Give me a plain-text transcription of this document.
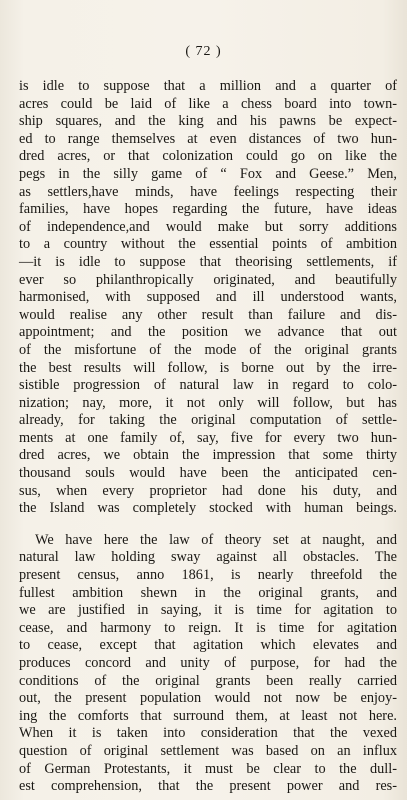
( 72 )
is idle to suppose that a million and a quarter of
acres could be laid of like a chess board into town-
ship squares, and the king and his pawns be expect-
ed to range themselves at even distances of two hun-
dred acres, or that colonization could go on like the
pegs in the silly game of “ Fox and Geese.” Men,
as settlers,have minds, have feelings respecting their
families, have hopes regarding the future, have ideas
of independence,and would make but sorry additions
to a country without the essential points of ambition
—it is idle to suppose that theorising settlements, if
ever so philanthropically originated, and beautifully
harmonised, with supposed and ill understood wants,
would realise any other result than failure and dis-
appointment; and the position we advance that out
of the misfortune of the mode of the original grants
the best results will follow, is borne out by the irre-
sistible progression of natural law in regard to colo-
nization; nay, more, it not only will follow, but has
already, for taking the original computation of settle-
ments at one family of, say, five for every two hun-
dred acres, we obtain the impression that some thirty
thousand souls would have been the anticipated cen-
sus, when every proprietor had done his duty, and
the Island was completely stocked with human beings.
We have here the law of theory set at naught, and
natural law holding sway against all obstacles. The
present census, anno 1861, is nearly threefold the
fullest ambition shewn in the original grants, and
we are justified in saying, it is time for agitation to
cease, and harmony to reign. It is time for agitation
to cease, except that agitation which elevates and
produces concord and unity of purpose, for had the
conditions of the original grants been really carried
out, the present population would not now be enjoy-
ing the comforts that surround them, at least not here.
When it is taken into consideration that the vexed
question of original settlement was based on an influx
of German Protestants, it must be clear to the dull-
est comprehension, that the present power and res-
